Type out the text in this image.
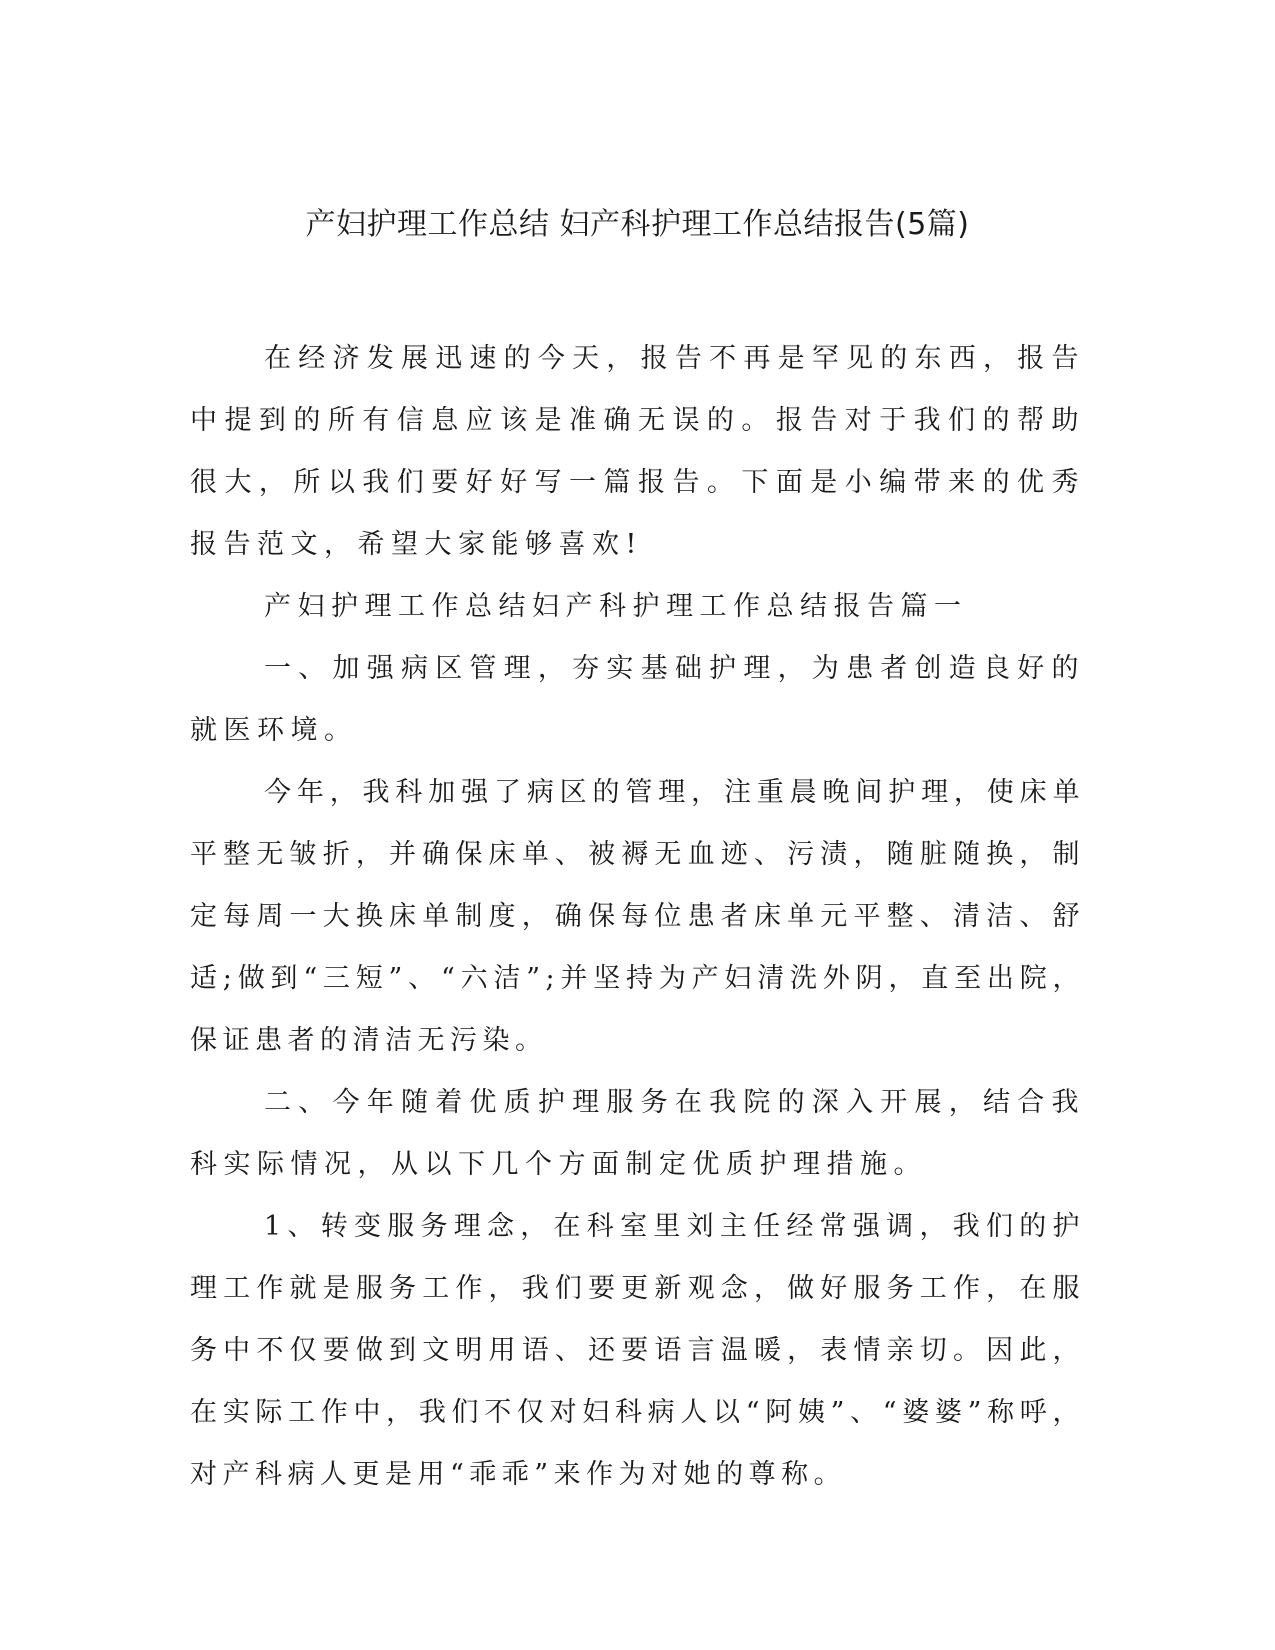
产妇护理工作总结 妇产科护理工作总结报告(5篇)

在经济发展迅速的今天，报告不再是罕见的东西，报告中提到的所有信息应该是准确无误的。报告对于我们的帮助很大，所以我们要好好写一篇报告。下面是小编带来的优秀报告范文，希望大家能够喜欢!

产妇护理工作总结妇产科护理工作总结报告篇一

一、加强病区管理，夯实基础护理，为患者创造良好的就医环境。

今年，我科加强了病区的管理，注重晨晚间护理，使床单平整无皱折，并确保床单、被褥无血迹、污渍，随脏随换，制定每周一大换床单制度，确保每位患者床单元平整、清洁、舒适;做到“三短”、“六洁”;并坚持为产妇清洗外阴，直至出院，保证患者的清洁无污染。

二、今年随着优质护理服务在我院的深入开展，结合我科实际情况，从以下几个方面制定优质护理措施。

1、转变服务理念，在科室里刘主任经常强调，我们的护理工作就是服务工作，我们要更新观念，做好服务工作，在服务中不仅要做到文明用语、还要语言温暖，表情亲切。因此，在实际工作中，我们不仅对妇科病人以“阿姨”、“婆婆”称呼，对产科病人更是用“乖乖”来作为对她的尊称。
